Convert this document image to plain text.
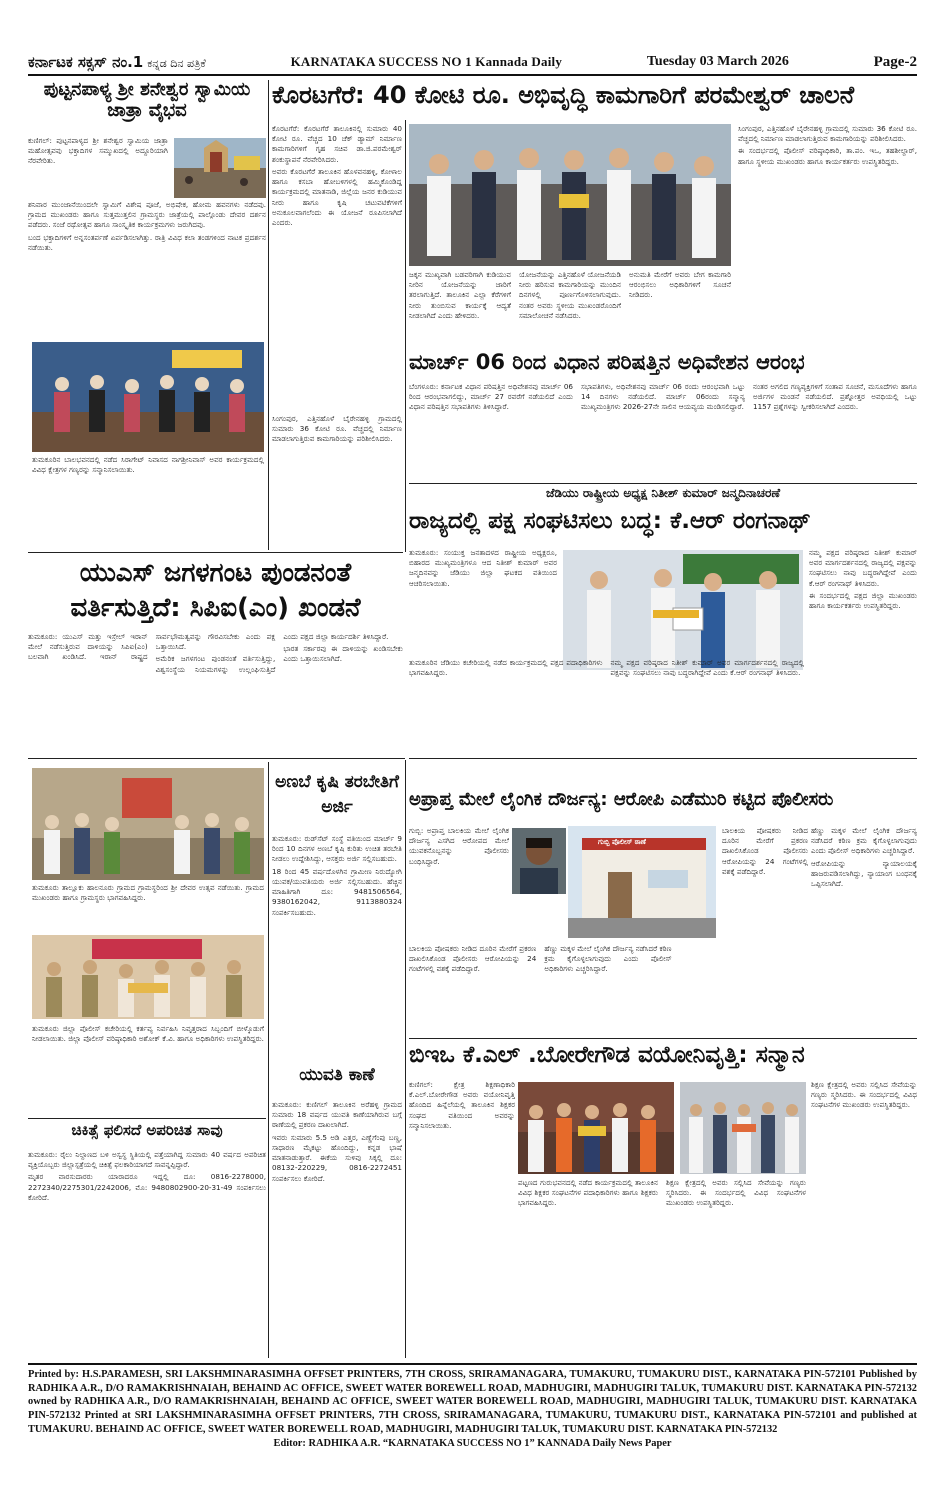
ಕರ್ನಾಟಕ ಸಕ್ಸಸ್ ನಂ.1 ಕನ್ನಡ ದಿನ ಪತ್ರಿಕೆ	KARNATAKA SUCCESS NO 1 Kannada Daily	Tuesday 03 March 2026	Page-2
ಪುಟ್ಟನಪಾಳ್ಯ ಶ್ರೀ ಶನೇಶ್ವರ ಸ್ವಾಮಿಯ ಜಾತ್ರಾ ವೈಭವ

ಕುಣಿಗಲ್: ಪುಟ್ಟನಪಾಳ್ಯದ ಶ್ರೀ ಶನೇಶ್ವರ ಸ್ವಾಮಿಯ ಜಾತ್ರಾ ಮಹೋತ್ಸವವು ಭಕ್ತಾದಿಗಳ ಸಮ್ಮುಖದಲ್ಲಿ ಅದ್ದೂರಿಯಾಗಿ ನೆರವೇರಿತು.

ಶನಿವಾರ ಮುಂಜಾನೆಯಿಂದಲೇ ಸ್ವಾಮಿಗೆ ವಿಶೇಷ ಪೂಜೆ, ಅಭಿಷೇಕ, ಹೋಮ ಹವನಗಳು ನಡೆದವು. ಗ್ರಾಮದ ಮುಖಂಡರು ಹಾಗೂ ಸುತ್ತಮುತ್ತಲಿನ ಗ್ರಾಮಸ್ಥರು ಜಾತ್ರೆಯಲ್ಲಿ ಪಾಲ್ಗೊಂಡು ದೇವರ ದರ್ಶನ ಪಡೆದರು. ಸಂಜೆ ರಥೋತ್ಸವ ಹಾಗೂ ಸಾಂಸ್ಕೃತಿಕ ಕಾರ್ಯಕ್ರಮಗಳು ಜರುಗಿದವು.

ಬಂದ ಭಕ್ತಾದಿಗಳಿಗೆ ಅನ್ನಸಂತರ್ಪಣೆ ಏರ್ಪಡಿಸಲಾಗಿತ್ತು. ರಾತ್ರಿ ವಿವಿಧ ಕಲಾ ತಂಡಗಳಿಂದ ನಾಟಕ ಪ್ರದರ್ಶನ ನಡೆಯಿತು.

ತುಮಕೂರಿನ ಬಾಲಭವನದಲ್ಲಿ ನಡೆದ ಸಿರಾಗೇಟ್ ನಿವಾಸದ ನಾಗಶ್ರೀನಿವಾಸ್ ಅವರ ಕಾರ್ಯಕ್ರಮದಲ್ಲಿ ವಿವಿಧ ಕ್ಷೇತ್ರಗಳ ಗಣ್ಯರನ್ನು ಸನ್ಮಾನಿಸಲಾಯಿತು.
ಕೊರಟಗೆರೆ: 40 ಕೋಟಿ ರೂ. ಅಭಿವೃದ್ಧಿ ಕಾಮಗಾರಿಗೆ ಪರಮೇಶ್ವರ್ ಚಾಲನೆ

ಕೊರಟಗೆರೆ: ಕೊರಟಗೆರೆ ತಾಲೂಕಿನಲ್ಲಿ ಸುಮಾರು 40 ಕೋಟಿ ರೂ. ವೆಚ್ಚದ 10 ಚೆಕ್ ಡ್ಯಾಮ್ ನಿರ್ಮಾಣ ಕಾಮಗಾರಿಗಳಿಗೆ ಗೃಹ ಸಚಿವ ಡಾ.ಜಿ.ಪರಮೇಶ್ವರ್ ಶಂಕುಸ್ಥಾಪನೆ ನೆರವೇರಿಸಿದರು.

ಅವರು ಕೊರಟಗೆರೆ ತಾಲೂಕಿನ ಹೊಳವನಹಳ್ಳಿ, ಕೋಳಾಲ ಹಾಗೂ ಕಸಬಾ ಹೋಬಳಿಗಳಲ್ಲಿ ಹಮ್ಮಿಕೊಂಡಿದ್ದ ಕಾರ್ಯಕ್ರಮದಲ್ಲಿ ಮಾತನಾಡಿ, ಜಿಲ್ಲೆಯ ಜನರ ಕುಡಿಯುವ ನೀರು ಹಾಗೂ ಕೃಷಿ ಚಟುವಟಿಕೆಗಳಿಗೆ ಅನುಕೂಲವಾಗಲೆಂದು ಈ ಯೋಜನೆ ರೂಪಿಸಲಾಗಿದೆ ಎಂದರು.

ಜಕ್ಕನ ಮುಖ್ಯವಾಗಿ ಬಡವರಿಗಾಗಿ ಕುಡಿಯುವ ನೀರಿನ ಯೋಜನೆಯನ್ನು ಜಾರಿಗೆ ತರಲಾಗುತ್ತಿದೆ. ತಾಲೂಕಿನ ಎಲ್ಲಾ ಕೆರೆಗಳಿಗೆ ನೀರು ತುಂಬಿಸುವ ಕಾರ್ಯಕ್ಕೆ ಆದ್ಯತೆ ನೀಡಲಾಗಿದೆ ಎಂದು ಹೇಳಿದರು.

ಯೋಜನೆಯನ್ನು ಎತ್ತಿನಹೊಳೆ ಯೋಜನೆಯಡಿ ನೀರು ಹರಿಸುವ ಕಾಮಗಾರಿಯನ್ನು ಮುಂದಿನ ದಿನಗಳಲ್ಲಿ ಪೂರ್ಣಗೊಳಿಸಲಾಗುವುದು. ನಂತರ ಅವರು ಸ್ಥಳೀಯ ಮುಖಂಡರೊಂದಿಗೆ ಸಮಾಲೋಚನೆ ನಡೆಸಿದರು.

ಅನುಮತಿ ಮೇರೆಗೆ ಅವರು ಬೇಗ ಕಾಮಗಾರಿ ಆರಂಭಿಸಲು ಅಧಿಕಾರಿಗಳಿಗೆ ಸೂಚನೆ ನೀಡಿದರು.

ಸಿಂಗಂಪುರ, ಎತ್ತಿನಹೊಳೆ ಬೈರೇನಹಳ್ಳಿ ಗ್ರಾಮದಲ್ಲಿ ಸುಮಾರು 36 ಕೋಟಿ ರೂ. ವೆಚ್ಚದಲ್ಲಿ ನಿರ್ಮಾಣ ಮಾಡಲಾಗುತ್ತಿರುವ ಕಾಮಗಾರಿಯನ್ನು ಪರಿಶೀಲಿಸಿದರು.

ಈ ಸಂದರ್ಭದಲ್ಲಿ ಪೊಲೀಸ್ ವರಿಷ್ಠಾಧಿಕಾರಿ, ತಾ.ಪಂ. ಇಒ, ತಹಶೀಲ್ದಾರ್, ಹಾಗೂ ಸ್ಥಳೀಯ ಮುಖಂಡರು ಹಾಗೂ ಕಾರ್ಯಕರ್ತರು ಉಪಸ್ಥಿತರಿದ್ದರು.

ಮಾರ್ಚ್ 06 ರಿಂದ ವಿಧಾನ ಪರಿಷತ್ತಿನ ಅಧಿವೇಶನ ಆರಂಭ

ಬೆಂಗಳೂರು: ಕರ್ನಾಟಕ ವಿಧಾನ ಪರಿಷತ್ತಿನ ಅಧಿವೇಶನವು ಮಾರ್ಚ್ 06 ರಿಂದ ಆರಂಭವಾಗಲಿದ್ದು, ಮಾರ್ಚ್ 27 ರವರೆಗೆ ನಡೆಯಲಿದೆ ಎಂದು ವಿಧಾನ ಪರಿಷತ್ತಿನ ಸಭಾಪತಿಗಳು ತಿಳಿಸಿದ್ದಾರೆ.

ಸಭಾಪತಿಗಳು, ಅಧಿವೇಶನವು ಮಾರ್ಚ್ 06 ರಂದು ಆರಂಭವಾಗಿ ಒಟ್ಟು 14 ದಿನಗಳು ನಡೆಯಲಿದೆ. ಮಾರ್ಚ್ 06ರಂದು ಸನ್ಮಾನ್ಯ ಮುಖ್ಯಮಂತ್ರಿಗಳು 2026-27ನೇ ಸಾಲಿನ ಆಯವ್ಯಯ ಮಂಡಿಸಲಿದ್ದಾರೆ.

ನಂತರ ಅಗಲಿದ ಗಣ್ಯವ್ಯಕ್ತಿಗಳಿಗೆ ಸಂತಾಪ ಸೂಚನೆ, ಮಸೂದೆಗಳು ಹಾಗೂ ಅರ್ಜಿಗಳ ಮಂಡನೆ ನಡೆಯಲಿದೆ. ಪ್ರಶ್ನೋತ್ತರ ಅವಧಿಯಲ್ಲಿ ಒಟ್ಟು 1157 ಪ್ರಶ್ನೆಗಳನ್ನು ಸ್ವೀಕರಿಸಲಾಗಿದೆ ಎಂದರು.

ಸಿಂಗಂಪುರ, ಎತ್ತಿನಹೊಳೆ ಬೈರೇನಹಳ್ಳಿ ಗ್ರಾಮದಲ್ಲಿ ಸುಮಾರು 36 ಕೋಟಿ ರೂ. ವೆಚ್ಚದಲ್ಲಿ ನಿರ್ಮಾಣ ಮಾಡಲಾಗುತ್ತಿರುವ ಕಾಮಗಾರಿಯನ್ನು ಪರಿಶೀಲಿಸಿದರು.

ಜೆಡಿಯು ರಾಷ್ಟ್ರೀಯ ಅಧ್ಯಕ್ಷ ನಿತೀಶ್ ಕುಮಾರ್ ಜನ್ಮದಿನಾಚರಣೆ
ರಾಜ್ಯದಲ್ಲಿ ಪಕ್ಷ ಸಂಘಟಿಸಲು ಬದ್ಧ: ಕೆ.ಆರ್ ರಂಗನಾಥ್

ತುಮಕೂರು: ಸಂಯುಕ್ತ ಜನತಾದಳದ ರಾಷ್ಟ್ರೀಯ ಅಧ್ಯಕ್ಷರೂ, ಬಿಹಾರದ ಮುಖ್ಯಮಂತ್ರಿಗಳೂ ಆದ ನಿತೀಶ್ ಕುಮಾರ್ ಅವರ ಜನ್ಮದಿನವನ್ನು ಜೆಡಿಯು ಜಿಲ್ಲಾ ಘಟಕದ ವತಿಯಿಂದ ಆಚರಿಸಲಾಯಿತು.

ನಮ್ಮ ಪಕ್ಷದ ವರಿಷ್ಠರಾದ ನಿತೀಶ್ ಕುಮಾರ್ ಅವರ ಮಾರ್ಗದರ್ಶನದಲ್ಲಿ ರಾಜ್ಯದಲ್ಲಿ ಪಕ್ಷವನ್ನು ಸಂಘಟಿಸಲು ನಾವು ಬದ್ಧರಾಗಿದ್ದೇವೆ ಎಂದು ಕೆ.ಆರ್ ರಂಗನಾಥ್ ತಿಳಿಸಿದರು.

ಈ ಸಂದರ್ಭದಲ್ಲಿ ಪಕ್ಷದ ಜಿಲ್ಲಾ ಮುಖಂಡರು ಹಾಗೂ ಕಾರ್ಯಕರ್ತರು ಉಪಸ್ಥಿತರಿದ್ದರು.

ತುಮಕೂರಿನ ಜೆಡಿಯು ಕಚೇರಿಯಲ್ಲಿ ನಡೆದ ಕಾರ್ಯಕ್ರಮದಲ್ಲಿ ಪಕ್ಷದ ಪದಾಧಿಕಾರಿಗಳು ಭಾಗವಹಿಸಿದ್ದರು.

ನಮ್ಮ ಪಕ್ಷದ ವರಿಷ್ಠರಾದ ನಿತೀಶ್ ಕುಮಾರ್ ಅವರ ಮಾರ್ಗದರ್ಶನದಲ್ಲಿ ರಾಜ್ಯದಲ್ಲಿ ಪಕ್ಷವನ್ನು ಸಂಘಟಿಸಲು ನಾವು ಬದ್ಧರಾಗಿದ್ದೇವೆ ಎಂದು ಕೆ.ಆರ್ ರಂಗನಾಥ್ ತಿಳಿಸಿದರು.

ಯುಎಸ್ ಜಗಳಗಂಟ ಪುಂಡನಂತೆ ವರ್ತಿಸುತ್ತಿದೆ: ಸಿಪಿಐ(ಎಂ) ಖಂಡನೆ

ತುಮಕೂರು: ಯುಎಸ್ ಮತ್ತು ಇಸ್ರೇಲ್ ಇರಾನ್ ಮೇಲೆ ನಡೆಸುತ್ತಿರುವ ದಾಳಿಯನ್ನು ಸಿಪಿಐ(ಎಂ) ಬಲವಾಗಿ ಖಂಡಿಸಿದೆ. ಇರಾನ್ ರಾಷ್ಟ್ರದ ಸಾರ್ವಭೌಮತ್ವವನ್ನು ಗೌರವಿಸಬೇಕು ಎಂದು ಪಕ್ಷ ಒತ್ತಾಯಿಸಿದೆ.

ಅಮೆರಿಕ ಜಗಳಗಂಟ ಪುಂಡನಂತೆ ವರ್ತಿಸುತ್ತಿದ್ದು, ವಿಶ್ವಸಂಸ್ಥೆಯ ನಿಯಮಗಳನ್ನು ಉಲ್ಲಂಘಿಸುತ್ತಿದೆ ಎಂದು ಪಕ್ಷದ ಜಿಲ್ಲಾ ಕಾರ್ಯದರ್ಶಿ ತಿಳಿಸಿದ್ದಾರೆ.

ಭಾರತ ಸರ್ಕಾರವು ಈ ದಾಳಿಯನ್ನು ಖಂಡಿಸಬೇಕು ಎಂದು ಒತ್ತಾಯಿಸಲಾಗಿದೆ.

ಅಪ್ರಾಪ್ತ ಮೇಲೆ ಲೈಂಗಿಕ ದೌರ್ಜನ್ಯ: ಆರೋಪಿ ಎಡೆಮುರಿ ಕಟ್ಟಿದ ಪೊಲೀಸರು

ಗುಬ್ಬಿ: ಅಪ್ರಾಪ್ತ ಬಾಲಕಿಯ ಮೇಲೆ ಲೈಂಗಿಕ ದೌರ್ಜನ್ಯ ಎಸಗಿದ ಆರೋಪದ ಮೇಲೆ ಯುವಕನೊಬ್ಬನನ್ನು ಪೊಲೀಸರು ಬಂಧಿಸಿದ್ದಾರೆ.

ಗುಬ್ಬಿ ಪೊಲೀಸ್ ಠಾಣೆ

ಬಾಲಕಿಯ ಪೋಷಕರು ನೀಡಿದ ದೂರಿನ ಮೇರೆಗೆ ಪ್ರಕರಣ ದಾಖಲಿಸಿಕೊಂಡ ಪೊಲೀಸರು ಆರೋಪಿಯನ್ನು 24 ಗಂಟೆಗಳಲ್ಲಿ ವಶಕ್ಕೆ ಪಡೆದಿದ್ದಾರೆ.

ಹೆಣ್ಣು ಮಕ್ಕಳ ಮೇಲೆ ಲೈಂಗಿಕ ದೌರ್ಜನ್ಯ ನಡೆಸಿದರೆ ಕಠಿಣ ಕ್ರಮ ಕೈಗೊಳ್ಳಲಾಗುವುದು ಎಂದು ಪೊಲೀಸ್ ಅಧಿಕಾರಿಗಳು ಎಚ್ಚರಿಸಿದ್ದಾರೆ.

ಆರೋಪಿಯನ್ನು ನ್ಯಾಯಾಲಯಕ್ಕೆ ಹಾಜರುಪಡಿಸಲಾಗಿದ್ದು, ನ್ಯಾಯಾಂಗ ಬಂಧನಕ್ಕೆ ಒಪ್ಪಿಸಲಾಗಿದೆ.

ಬಾಲಕಿಯ ಪೋಷಕರು ನೀಡಿದ ದೂರಿನ ಮೇರೆಗೆ ಪ್ರಕರಣ ದಾಖಲಿಸಿಕೊಂಡ ಪೊಲೀಸರು ಆರೋಪಿಯನ್ನು 24 ಗಂಟೆಗಳಲ್ಲಿ ವಶಕ್ಕೆ ಪಡೆದಿದ್ದಾರೆ.

ಹೆಣ್ಣು ಮಕ್ಕಳ ಮೇಲೆ ಲೈಂಗಿಕ ದೌರ್ಜನ್ಯ ನಡೆಸಿದರೆ ಕಠಿಣ ಕ್ರಮ ಕೈಗೊಳ್ಳಲಾಗುವುದು ಎಂದು ಪೊಲೀಸ್ ಅಧಿಕಾರಿಗಳು ಎಚ್ಚರಿಸಿದ್ದಾರೆ.

ತುಮಕೂರು ತಾಲ್ಲೂಕು ಹಾಲನೂರು ಗ್ರಾಮದ ಗ್ರಾಮಸ್ಥರಿಂದ ಶ್ರೀ ದೇವರ ಉತ್ಸವ ನಡೆಯಿತು. ಗ್ರಾಮದ ಮುಖಂಡರು ಹಾಗೂ ಗ್ರಾಮಸ್ಥರು ಭಾಗವಹಿಸಿದ್ದರು.
ಅಣಬೆ ಕೃಷಿ ತರಬೇತಿಗೆ ಅರ್ಜಿ

ತುಮಕೂರು: ರುಡ್‌ಸೆಟ್ ಸಂಸ್ಥೆ ವತಿಯಿಂದ ಮಾರ್ಚ್ 9 ರಿಂದ 10 ದಿನಗಳ ಅಣಬೆ ಕೃಷಿ ಕುರಿತು ಉಚಿತ ತರಬೇತಿ ನೀಡಲು ಉದ್ದೇಶಿಸಿದ್ದು, ಆಸಕ್ತರು ಅರ್ಜಿ ಸಲ್ಲಿಸಬಹುದು.

18 ರಿಂದ 45 ವರ್ಷದೊಳಗಿನ ಗ್ರಾಮೀಣ ನಿರುದ್ಯೋಗಿ ಯುವಕ/ಯುವತಿಯರು ಅರ್ಜಿ ಸಲ್ಲಿಸಬಹುದು. ಹೆಚ್ಚಿನ ಮಾಹಿತಿಗಾಗಿ ದೂ: 9481506564, 9380162042, 9113880324 ಸಂಪರ್ಕಿಸಬಹುದು.

ತುಮಕೂರು ಜಿಲ್ಲಾ ಪೊಲೀಸ್ ಕಚೇರಿಯಲ್ಲಿ ಕರ್ತವ್ಯ ನಿರ್ವಹಿಸಿ ನಿವೃತ್ತರಾದ ಸಿಬ್ಬಂದಿಗೆ ಬೀಳ್ಕೊಡುಗೆ ನೀಡಲಾಯಿತು. ಜಿಲ್ಲಾ ಪೊಲೀಸ್ ವರಿಷ್ಠಾಧಿಕಾರಿ ಅಶೋಕ್ ಕೆ.ವಿ. ಹಾಗೂ ಅಧಿಕಾರಿಗಳು ಉಪಸ್ಥಿತರಿದ್ದರು.
ಯುವತಿ ಕಾಣೆ

ತುಮಕೂರು: ಕುಣಿಗಲ್ ತಾಲೂಕಿನ ಅರೆಹಳ್ಳಿ ಗ್ರಾಮದ ಸುಮಾರು 18 ವರ್ಷದ ಯುವತಿ ಕಾಣೆಯಾಗಿರುವ ಬಗ್ಗೆ ಠಾಣೆಯಲ್ಲಿ ಪ್ರಕರಣ ದಾಖಲಾಗಿದೆ.

ಇವರು ಸುಮಾರು 5.5 ಅಡಿ ಎತ್ತರ, ಎಣ್ಣೆಗೆಂಪು ಬಣ್ಣ, ಸಾಧಾರಣ ಮೈಕಟ್ಟು ಹೊಂದಿದ್ದು, ಕನ್ನಡ ಭಾಷೆ ಮಾತನಾಡುತ್ತಾರೆ. ಈಕೆಯ ಸುಳಿವು ಸಿಕ್ಕಲ್ಲಿ ದೂ: 08132-220229, 0816-2272451 ಸಂಪರ್ಕಿಸಲು ಕೋರಿದೆ.

ಚಿಕಿತ್ಸೆ ಫಲಿಸದೆ ಅಪರಿಚಿತ ಸಾವು

ತುಮಕೂರು: ರೈಲು ನಿಲ್ದಾಣದ ಬಳಿ ಅಸ್ವಸ್ಥ ಸ್ಥಿತಿಯಲ್ಲಿ ಪತ್ತೆಯಾಗಿದ್ದ ಸುಮಾರು 40 ವರ್ಷದ ಅಪರಿಚಿತ ವ್ಯಕ್ತಿಯೊಬ್ಬರು ಜಿಲ್ಲಾಸ್ಪತ್ರೆಯಲ್ಲಿ ಚಿಕಿತ್ಸೆ ಫಲಕಾರಿಯಾಗದೆ ಸಾವನ್ನಪ್ಪಿದ್ದಾರೆ.

ಮೃತರ ವಾರಸುದಾರರು ಯಾರಾದರೂ ಇದ್ದಲ್ಲಿ ದೂ: 0816-2278000, 2272340/2275301/2242006, ಮೊ: 9480802900-20-31-49 ಸಂಪರ್ಕಿಸಲು ಕೋರಿದೆ.

ಬಿಇಒ ಕೆ.ಎಲ್ .ಬೋರೇಗೌಡ ವಯೋನಿವೃತ್ತಿ: ಸನ್ಮಾನ

ಕುಣಿಗಲ್: ಕ್ಷೇತ್ರ ಶಿಕ್ಷಣಾಧಿಕಾರಿ ಕೆ.ಎಲ್.ಬೋರೇಗೌಡ ಅವರು ವಯೋನಿವೃತ್ತಿ ಹೊಂದಿದ ಹಿನ್ನೆಲೆಯಲ್ಲಿ ತಾಲೂಕಿನ ಶಿಕ್ಷಕರ ಸಂಘದ ವತಿಯಿಂದ ಅವರನ್ನು ಸನ್ಮಾನಿಸಲಾಯಿತು.

ಶಿಕ್ಷಣ ಕ್ಷೇತ್ರದಲ್ಲಿ ಅವರು ಸಲ್ಲಿಸಿದ ಸೇವೆಯನ್ನು ಗಣ್ಯರು ಸ್ಮರಿಸಿದರು. ಈ ಸಂದರ್ಭದಲ್ಲಿ ವಿವಿಧ ಸಂಘಟನೆಗಳ ಮುಖಂಡರು ಉಪಸ್ಥಿತರಿದ್ದರು.

ಪಟ್ಟಣದ ಗುರುಭವನದಲ್ಲಿ ನಡೆದ ಕಾರ್ಯಕ್ರಮದಲ್ಲಿ ತಾಲೂಕಿನ ವಿವಿಧ ಶಿಕ್ಷಕರ ಸಂಘಟನೆಗಳ ಪದಾಧಿಕಾರಿಗಳು ಹಾಗೂ ಶಿಕ್ಷಕರು ಭಾಗವಹಿಸಿದ್ದರು.

ಶಿಕ್ಷಣ ಕ್ಷೇತ್ರದಲ್ಲಿ ಅವರು ಸಲ್ಲಿಸಿದ ಸೇವೆಯನ್ನು ಗಣ್ಯರು ಸ್ಮರಿಸಿದರು. ಈ ಸಂದರ್ಭದಲ್ಲಿ ವಿವಿಧ ಸಂಘಟನೆಗಳ ಮುಖಂಡರು ಉಪಸ್ಥಿತರಿದ್ದರು.

Printed by: H.S.PARAMESH, SRI LAKSHMINARASIMHA OFFSET PRINTERS, 7TH CROSS, SRIRAMANAGARA, TUMAKURU, TUMAKURU DIST., KARNATAKA PIN-572101 Published by RADHIKA A.R., D/O RAMAKRISHNAIAH, BEHAIND AC OFFICE, SWEET WATER BOREWELL ROAD, MADHUGIRI, MADHUGIRI TALUK, TUMAKURU DIST. KARNATAKA PIN-572132 owned by RADHIKA A.R., D/O RAMAKRISHNAIAH, BEHAIND AC OFFICE, SWEET WATER BOREWELL ROAD, MADHUGIRI, MADHUGIRI TALUK, TUMAKURU DIST. KARNATAKA PIN-572132 Printed at SRI LAKSHMINARASIMHA OFFSET PRINTERS, 7TH CROSS, SRIRAMANAGARA, TUMAKURU, TUMAKURU DIST., KARNATAKA PIN-572101 and published at TUMAKURU. BEHAIND AC OFFICE, SWEET WATER BOREWELL ROAD, MADHUGIRI, MADHUGIRI TALUK, TUMAKURU DIST. KARNATAKA PIN-572132
Editor: RADHIKA A.R. “KARNATAKA SUCCESS NO 1” KANNADA Daily News Paper
